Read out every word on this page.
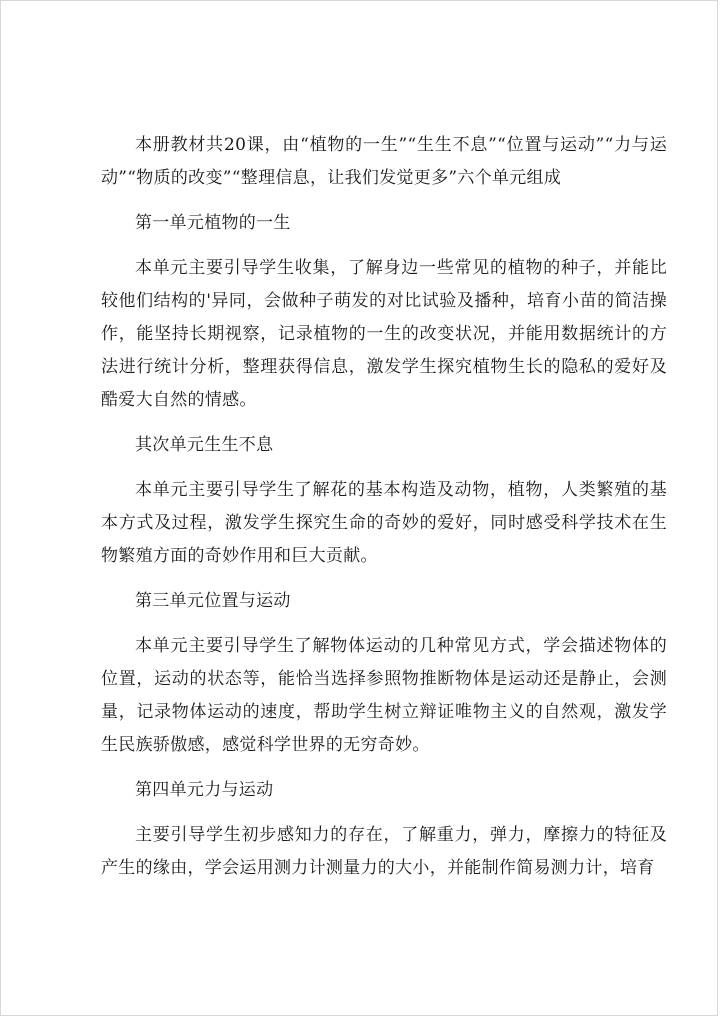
本册教材共20课，由“植物的一生”“生生不息”“位置与运动”“力与运动”“物质的改变”“整理信息，让我们发觉更多”六个单元组成

第一单元植物的一生

本单元主要引导学生收集，了解身边一些常见的植物的种子，并能比较他们结构的'异同，会做种子萌发的对比试验及播种，培育小苗的简洁操作，能坚持长期视察，记录植物的一生的改变状况，并能用数据统计的方法进行统计分析，整理获得信息，激发学生探究植物生长的隐私的爱好及酷爱大自然的情感。

其次单元生生不息

本单元主要引导学生了解花的基本构造及动物，植物，人类繁殖的基本方式及过程，激发学生探究生命的奇妙的爱好，同时感受科学技术在生物繁殖方面的奇妙作用和巨大贡献。

第三单元位置与运动

本单元主要引导学生了解物体运动的几种常见方式，学会描述物体的位置，运动的状态等，能恰当选择参照物推断物体是运动还是静止，会测量，记录物体运动的速度，帮助学生树立辩证唯物主义的自然观，激发学生民族骄傲感，感觉科学世界的无穷奇妙。

第四单元力与运动

主要引导学生初步感知力的存在，了解重力，弹力，摩擦力的特征及产生的缘由，学会运用测力计测量力的大小，并能制作简易测力计，培育
